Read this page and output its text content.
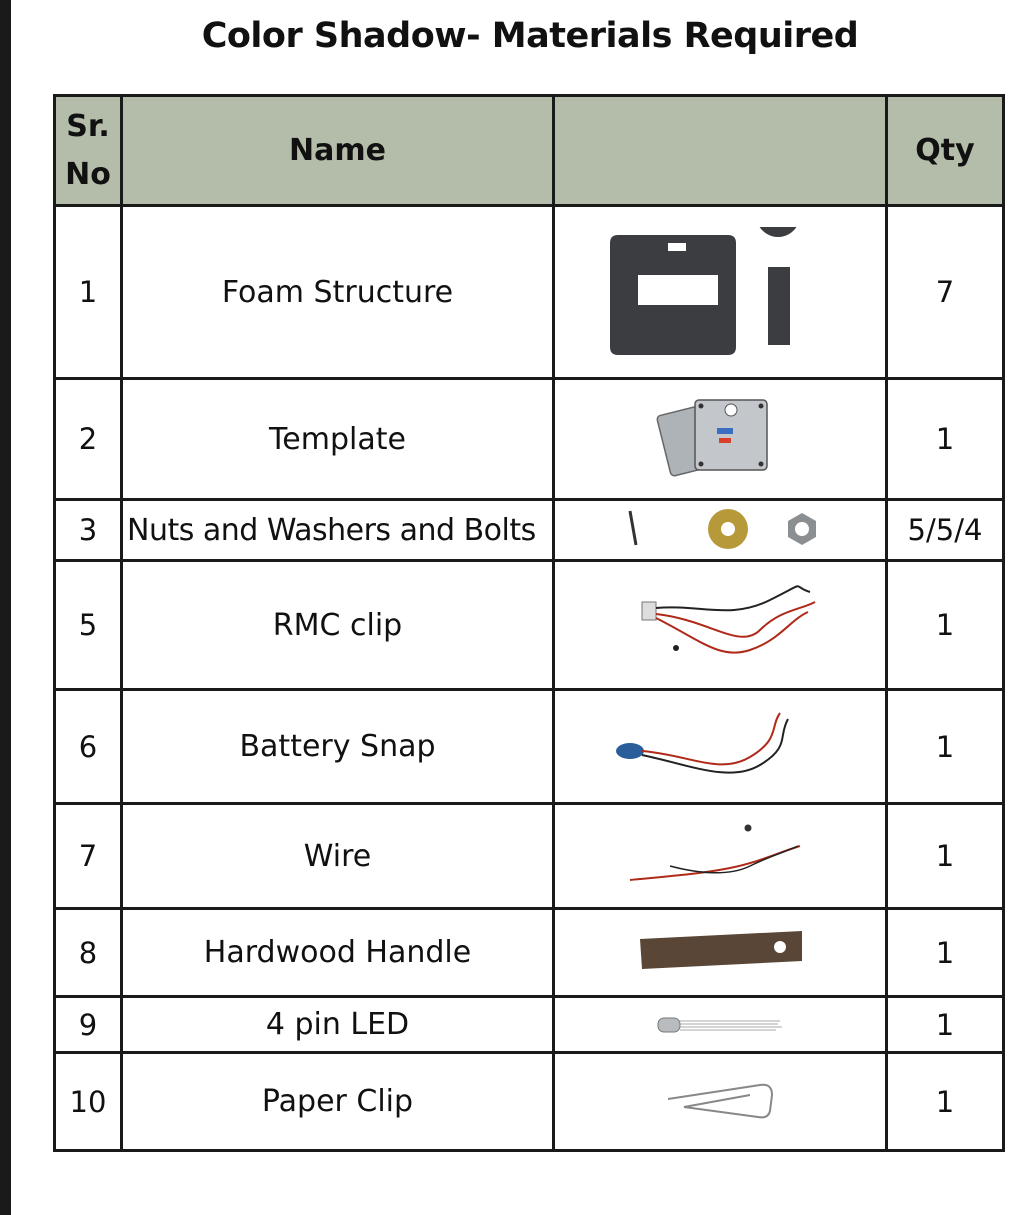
Color Shadow- Materials Required
Sr.
No	Name		Qty
1	Foam Structure		7
2	Template		1
3	Nuts and Washers and Bolts		5/5/4
5	RMC clip		1
6	Battery Snap		1
7	Wire		1
8	Hardwood Handle		1
9	4 pin LED		1
10	Paper Clip		1
